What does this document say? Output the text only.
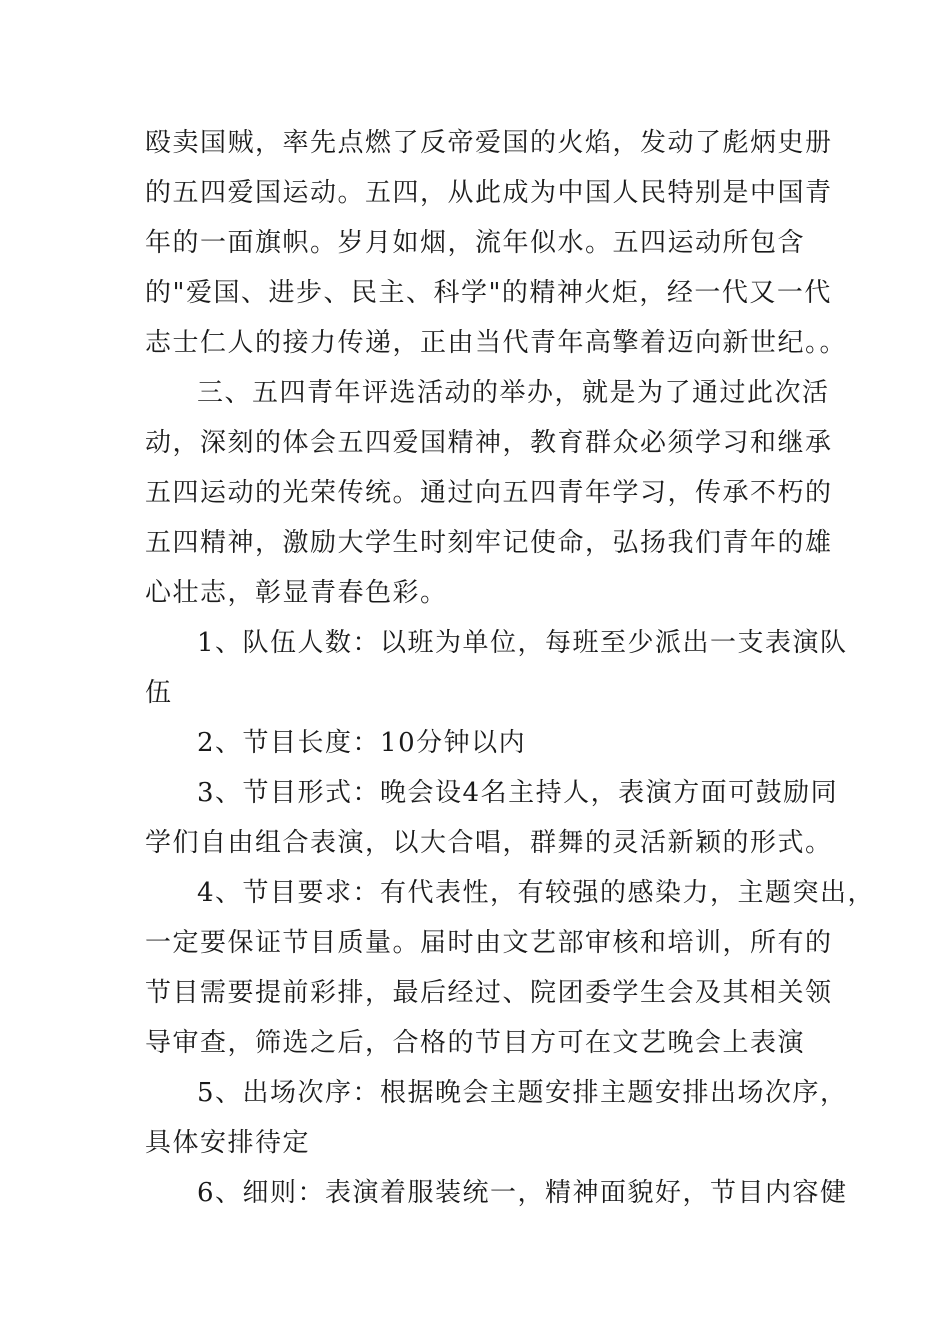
殴卖国贼，率先点燃了反帝爱国的火焰，发动了彪炳史册
的五四爱国运动。五四，从此成为中国人民特别是中国青
年的一面旗帜。岁月如烟，流年似水。五四运动所包含
的"爱国、进步、民主、科学"的精神火炬，经一代又一代
志士仁人的接力传递，正由当代青年高擎着迈向新世纪。。
三、五四青年评选活动的举办，就是为了通过此次活
动，深刻的体会五四爱国精神，教育群众必须学习和继承
五四运动的光荣传统。通过向五四青年学习，传承不朽的
五四精神，激励大学生时刻牢记使命，弘扬我们青年的雄
心壮志，彰显青春色彩。
1、队伍人数：以班为单位，每班至少派出一支表演队
伍
2、节目长度：10分钟以内
3、节目形式：晚会设4名主持人，表演方面可鼓励同
学们自由组合表演，以大合唱，群舞的灵活新颖的形式。
4、节目要求：有代表性，有较强的感染力，主题突出，
一定要保证节目质量。届时由文艺部审核和培训，所有的
节目需要提前彩排，最后经过、院团委学生会及其相关领
导审查，筛选之后，合格的节目方可在文艺晚会上表演
5、出场次序：根据晚会主题安排主题安排出场次序，
具体安排待定
6、细则：表演着服装统一，精神面貌好，节目内容健
